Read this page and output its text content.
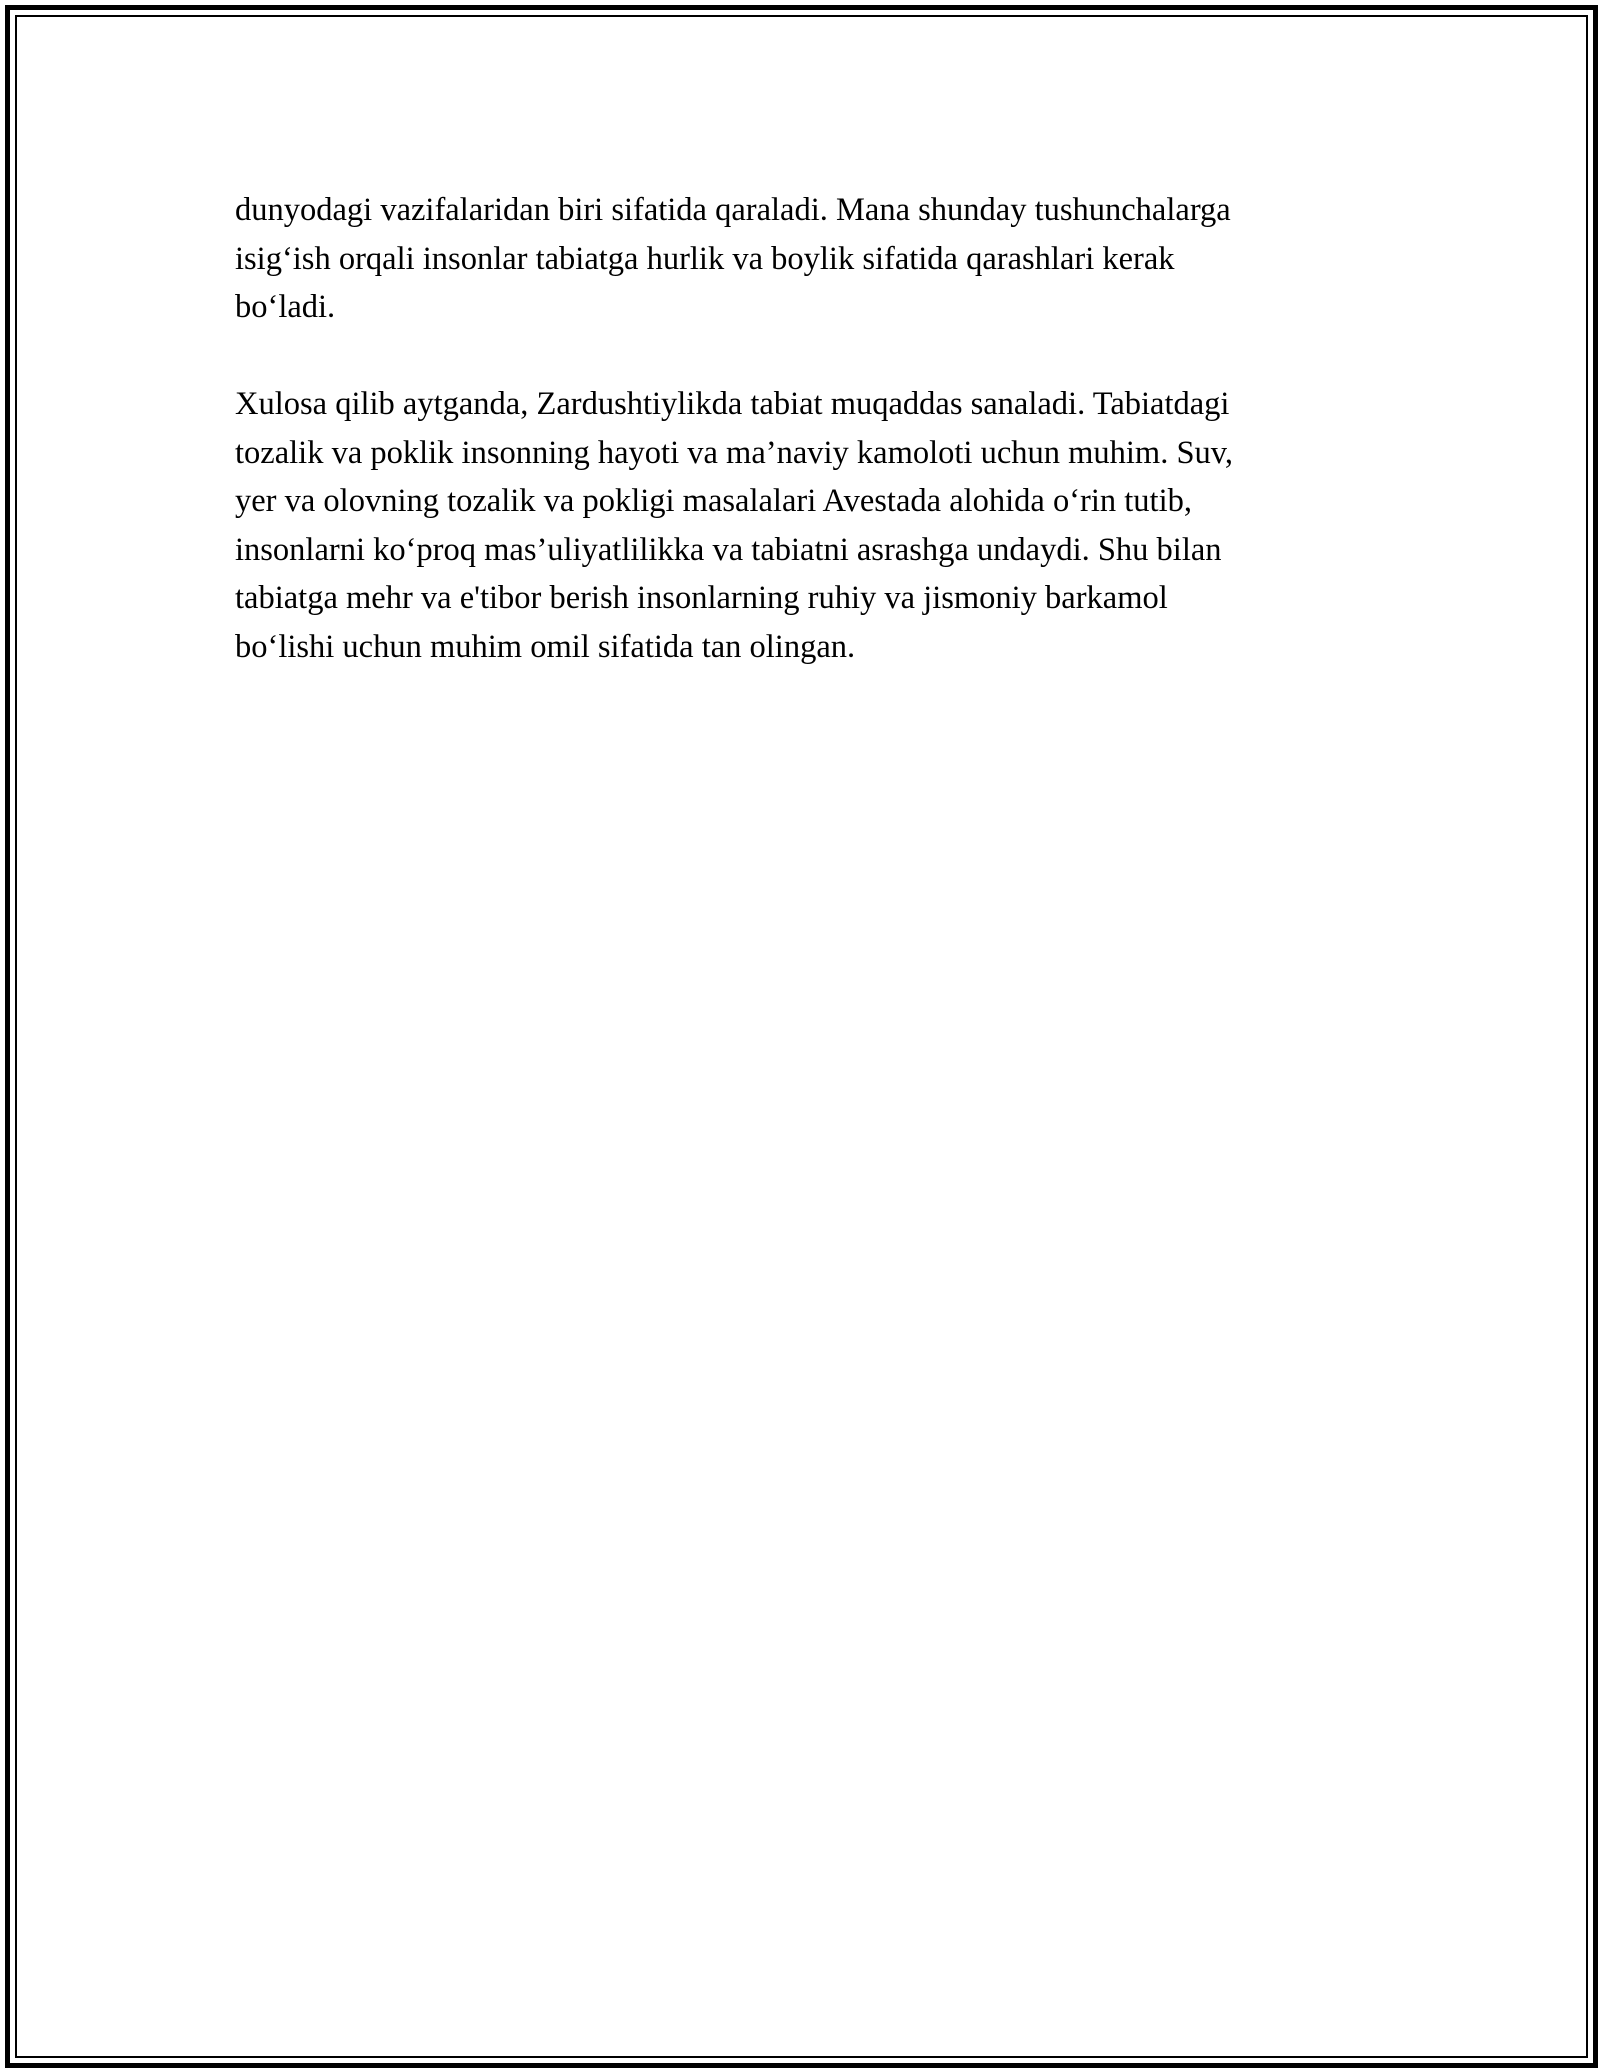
dunyodagi vazifalaridan biri sifatida qaraladi. Mana shunday tushunchalarga
isig‘ish orqali insonlar tabiatga hurlik va boylik sifatida qarashlari kerak
bo‘ladi.

Xulosa qilib aytganda, Zardushtiylikda tabiat muqaddas sanaladi. Tabiatdagi
tozalik va poklik insonning hayoti va ma’naviy kamoloti uchun muhim. Suv,
yer va olovning tozalik va pokligi masalalari Avestada alohida o‘rin tutib,
insonlarni ko‘proq mas’uliyatlilikka va tabiatni asrashga undaydi. Shu bilan
tabiatga mehr va e'tibor berish insonlarning ruhiy va jismoniy barkamol
bo‘lishi uchun muhim omil sifatida tan olingan.
